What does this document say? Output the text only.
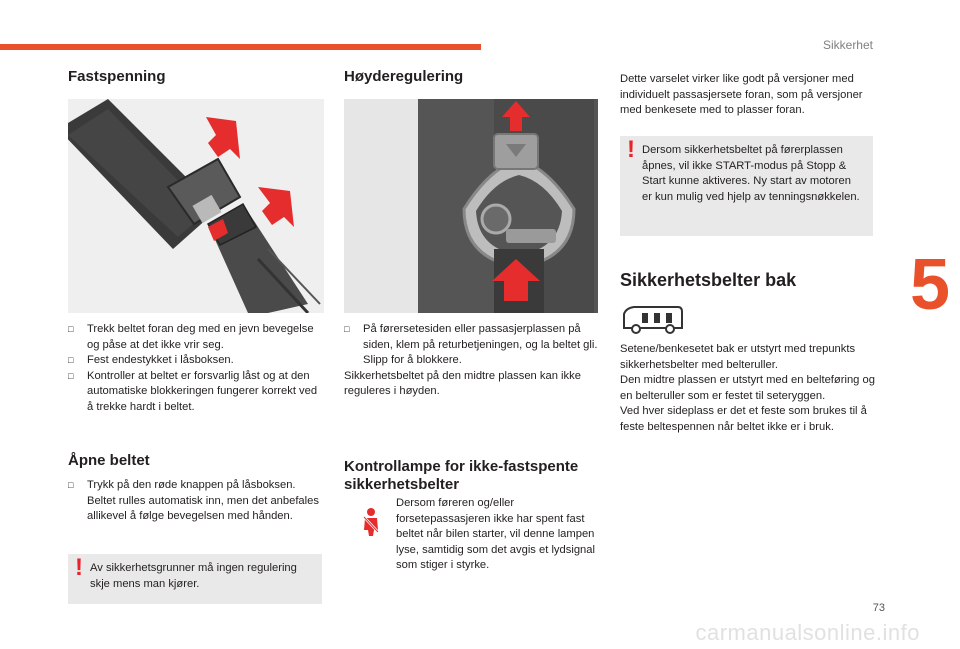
Sikkerhet
5
73
carmanualsonline.info
Fastspenning
□ Trekk beltet foran deg med en jevn bevegelse og påse at det ikke vrir seg.
□ Fest endestykket i låsboksen.
□ Kontroller at beltet er forsvarlig låst og at den automatiske blokkeringen fungerer korrekt ved å trekke hardt i beltet.
Åpne beltet
□ Trykk på den røde knappen på låsboksen. Beltet rulles automatisk inn, men det anbefales allikevel å følge bevegelsen med hånden.
! Av sikkerhetsgrunner må ingen regulering skje mens man kjører.
Høyderegulering
□ På førersetesiden eller passasjerplassen på siden, klem på returbetjeningen, og la beltet gli. Slipp for å blokkere.
Sikkerhetsbeltet på den midtre plassen kan ikke reguleres i høyden.
Kontrollampe for ikke-fastspente sikkerhetsbelter
Dersom føreren og/eller forsetepassasjeren ikke har spent fast beltet når bilen starter, vil denne lampen lyse, samtidig som det avgis et lydsignal som stiger i styrke.
Dette varselet virker like godt på versjoner med individuelt passasjersete foran, som på versjoner med benkesete med to plasser foran.
! Dersom sikkerhetsbeltet på førerplassen åpnes, vil ikke START-modus på Stopp & Start kunne aktiveres. Ny start av motoren er kun mulig ved hjelp av tenningsnøkkelen.
Sikkerhetsbelter bak
Setene/benkesetet bak er utstyrt med trepunkts sikkerhetsbelter med belteruller.
Den midtre plassen er utstyrt med en belteføring og en belteruller som er festet til seteryggen.
Ved hver sideplass er det et feste som brukes til å feste beltespennen når beltet ikke er i bruk.
